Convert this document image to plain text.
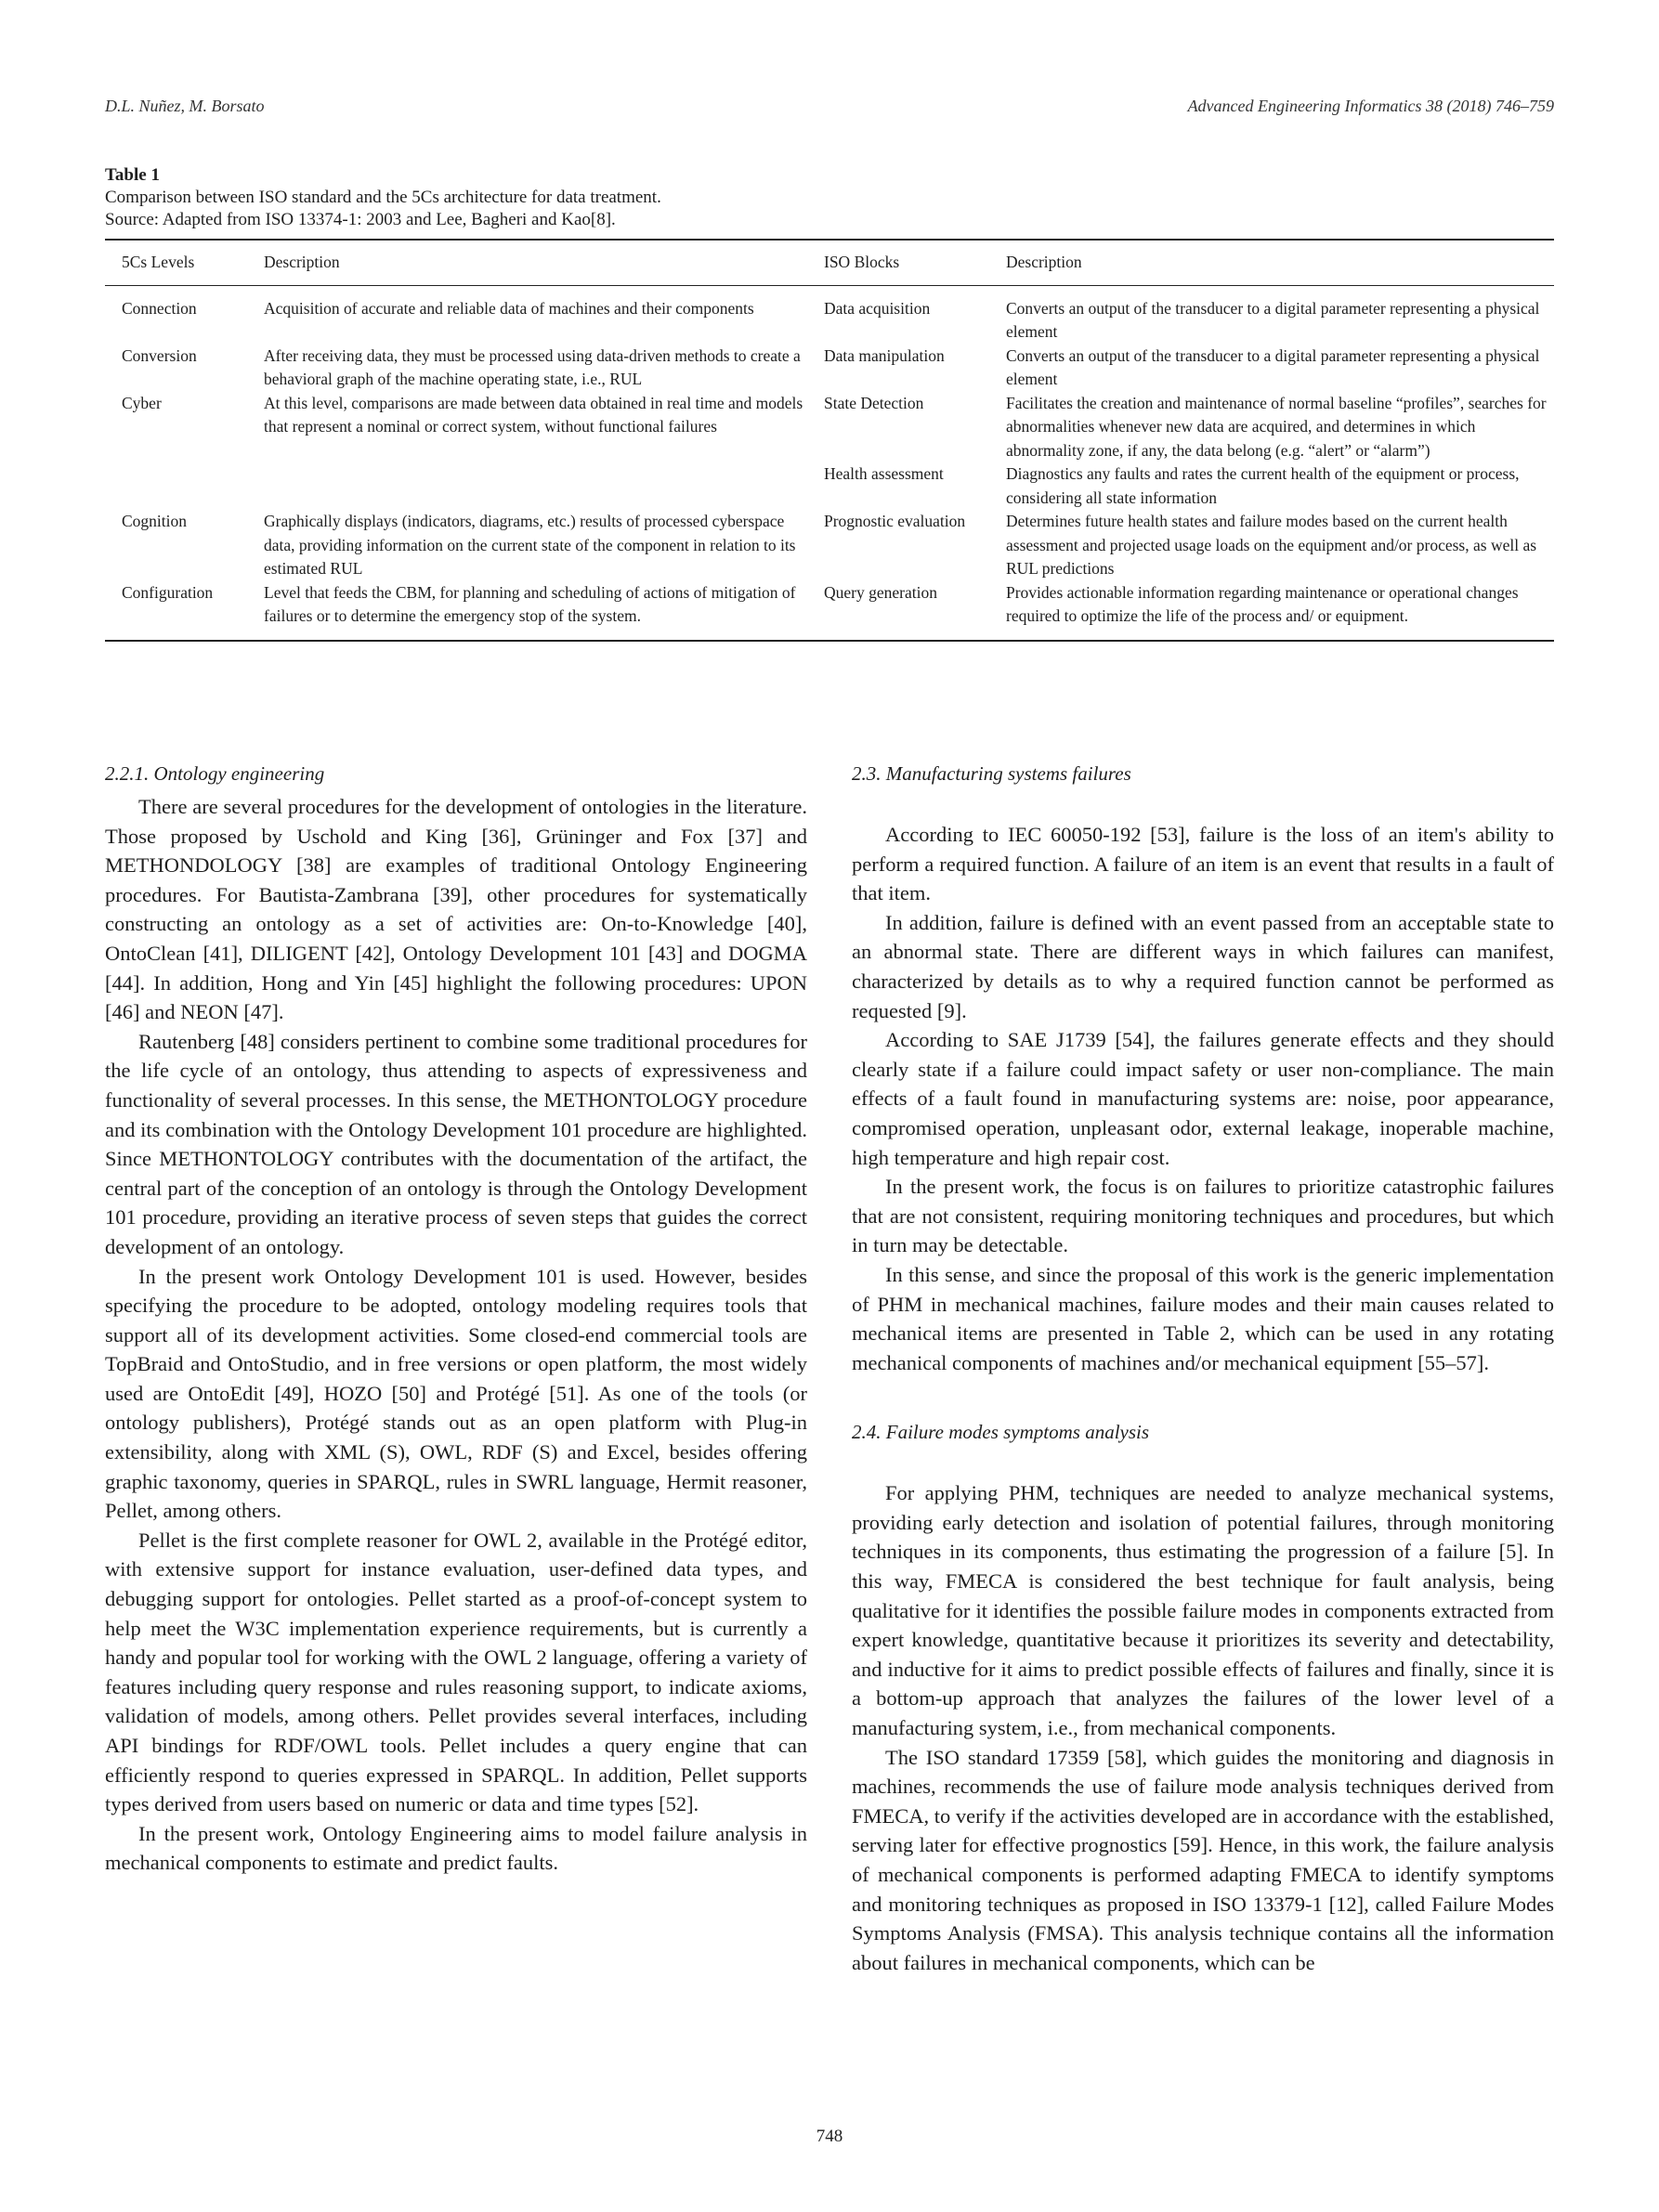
D.L. Nuñez, M. Borsato	Advanced Engineering Informatics 38 (2018) 746–759

Table 1

Comparison between ISO standard and the 5Cs architecture for data treatment.

Source: Adapted from ISO 13374-1: 2003 and Lee, Bagheri and Kao[8].

5Cs Levels	Description	ISO Blocks	Description
Connection	Acquisition of accurate and reliable data of machines and their components	Data acquisition	Converts an output of the transducer to a digital parameter representing a physical element
Conversion	After receiving data, they must be processed using data-driven methods to create a behavioral graph of the machine operating state, i.e., RUL	Data manipulation	Converts an output of the transducer to a digital parameter representing a physical element
Cyber	At this level, comparisons are made between data obtained in real time and models that represent a nominal or correct system, without functional failures	State Detection	Facilitates the creation and maintenance of normal baseline “profiles”, searches for abnormalities whenever new data are acquired, and determines in which abnormality zone, if any, the data belong (e.g. “alert” or “alarm”)
		Health assessment	Diagnostics any faults and rates the current health of the equipment or process, considering all state information
Cognition	Graphically displays (indicators, diagrams, etc.) results of processed cyberspace data, providing information on the current state of the component in relation to its estimated RUL	Prognostic evaluation	Determines future health states and failure modes based on the current health assessment and projected usage loads on the equipment and/or process, as well as RUL predictions
Configuration	Level that feeds the CBM, for planning and scheduling of actions of mitigation of failures or to determine the emergency stop of the system.	Query generation	Provides actionable information regarding maintenance or operational changes required to optimize the life of the process and/ or equipment.
2.2.1. Ontology engineering

There are several procedures for the development of ontologies in the literature. Those proposed by Uschold and King [36], Grüninger and Fox [37] and METHONDOLOGY [38] are examples of traditional Ontology Engineering procedures. For Bautista-Zambrana [39], other procedures for systematically constructing an ontology as a set of activities are: On-to-Knowledge [40], OntoClean [41], DILIGENT [42], Ontology Development 101 [43] and DOGMA [44]. In addition, Hong and Yin [45] highlight the following procedures: UPON [46] and NEON [47].

Rautenberg [48] considers pertinent to combine some traditional procedures for the life cycle of an ontology, thus attending to aspects of expressiveness and functionality of several processes. In this sense, the METHONTOLOGY procedure and its combination with the Ontology Development 101 procedure are highlighted. Since METHONTOLOGY contributes with the documentation of the artifact, the central part of the conception of an ontology is through the Ontology Development 101 procedure, providing an iterative process of seven steps that guides the correct development of an ontology.

In the present work Ontology Development 101 is used. However, besides specifying the procedure to be adopted, ontology modeling requires tools that support all of its development activities. Some closed-end commercial tools are TopBraid and OntoStudio, and in free versions or open platform, the most widely used are OntoEdit [49], HOZO [50] and Protégé [51]. As one of the tools (or ontology publishers), Protégé stands out as an open platform with Plug-in extensibility, along with XML (S), OWL, RDF (S) and Excel, besides offering graphic taxonomy, queries in SPARQL, rules in SWRL language, Hermit reasoner, Pellet, among others.

Pellet is the first complete reasoner for OWL 2, available in the Protégé editor, with extensive support for instance evaluation, user-defined data types, and debugging support for ontologies. Pellet started as a proof-of-concept system to help meet the W3C implementation experience requirements, but is currently a handy and popular tool for working with the OWL 2 language, offering a variety of features including query response and rules reasoning support, to indicate axioms, validation of models, among others. Pellet provides several interfaces, including API bindings for RDF/OWL tools. Pellet includes a query engine that can efficiently respond to queries expressed in SPARQL. In addition, Pellet supports types derived from users based on numeric or data and time types [52].

In the present work, Ontology Engineering aims to model failure analysis in mechanical components to estimate and predict faults.

2.3. Manufacturing systems failures

According to IEC 60050-192 [53], failure is the loss of an item's ability to perform a required function. A failure of an item is an event that results in a fault of that item.

In addition, failure is defined with an event passed from an acceptable state to an abnormal state. There are different ways in which failures can manifest, characterized by details as to why a required function cannot be performed as requested [9].

According to SAE J1739 [54], the failures generate effects and they should clearly state if a failure could impact safety or user non-compliance. The main effects of a fault found in manufacturing systems are: noise, poor appearance, compromised operation, unpleasant odor, external leakage, inoperable machine, high temperature and high repair cost.

In the present work, the focus is on failures to prioritize catastrophic failures that are not consistent, requiring monitoring techniques and procedures, but which in turn may be detectable.

In this sense, and since the proposal of this work is the generic implementation of PHM in mechanical machines, failure modes and their main causes related to mechanical items are presented in Table 2, which can be used in any rotating mechanical components of machines and/or mechanical equipment [55–57].

2.4. Failure modes symptoms analysis

For applying PHM, techniques are needed to analyze mechanical systems, providing early detection and isolation of potential failures, through monitoring techniques in its components, thus estimating the progression of a failure [5]. In this way, FMECA is considered the best technique for fault analysis, being qualitative for it identifies the possible failure modes in components extracted from expert knowledge, quantitative because it prioritizes its severity and detectability, and inductive for it aims to predict possible effects of failures and finally, since it is a bottom-up approach that analyzes the failures of the lower level of a manufacturing system, i.e., from mechanical components.

The ISO standard 17359 [58], which guides the monitoring and diagnosis in machines, recommends the use of failure mode analysis techniques derived from FMECA, to verify if the activities developed are in accordance with the established, serving later for effective prognostics [59]. Hence, in this work, the failure analysis of mechanical components is performed adapting FMECA to identify symptoms and monitoring techniques as proposed in ISO 13379-1 [12], called Failure Modes Symptoms Analysis (FMSA). This analysis technique contains all the information about failures in mechanical components, which can be

748
